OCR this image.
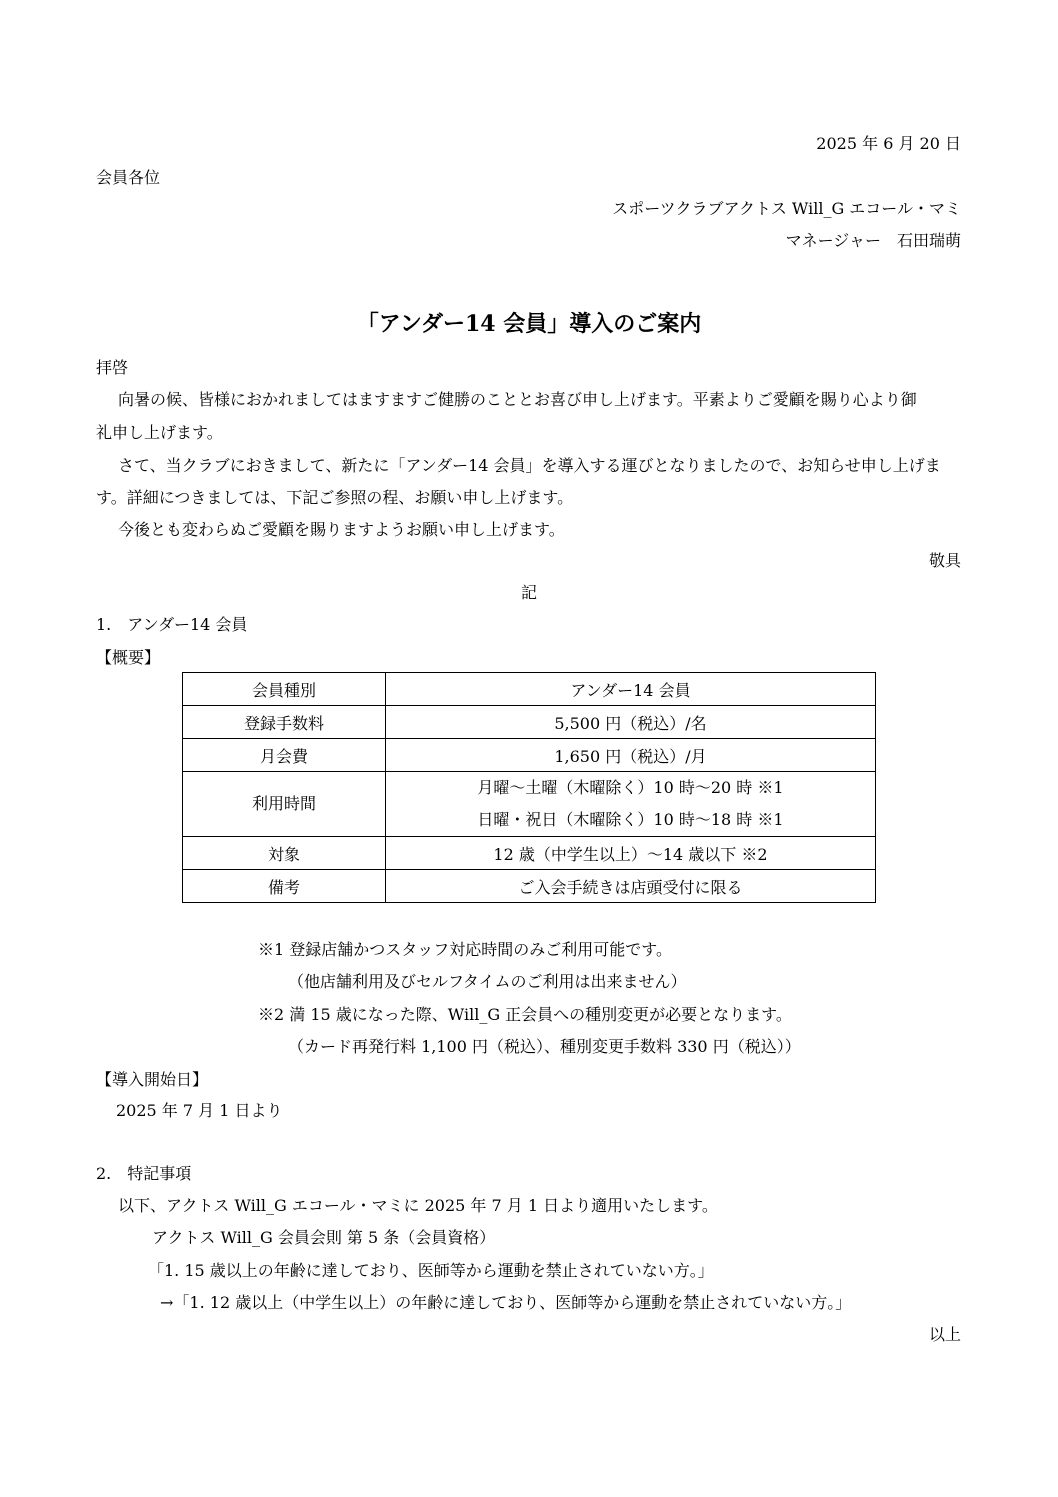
2025 年 6 月 20 日
会員各位
スポーツクラブアクトス Will_G エコール・マミ
マネージャー　石田瑞萌
「アンダー14 会員」導入のご案内
拝啓
向暑の候、皆様におかれましてはますますご健勝のこととお喜び申し上げます。平素よりご愛顧を賜り心より御
礼申し上げます。
さて、当クラブにおきまして、新たに「アンダー14 会員」を導入する運びとなりましたので、お知らせ申し上げま
す。詳細につきましては、下記ご参照の程、お願い申し上げます。
今後とも変わらぬご愛顧を賜りますようお願い申し上げます。
敬具
記
1.　アンダー14 会員
【概要】
会員種別	アンダー14 会員
登録手数料	5,500 円（税込）/名
月会費	1,650 円（税込）/月
利用時間	月曜～土曜（木曜除く）10 時～20 時 ※1
日曜・祝日（木曜除く）10 時～18 時 ※1

対象	12 歳（中学生以上）～14 歳以下 ※2
備考	ご入会手続きは店頭受付に限る
※1 登録店舗かつスタッフ対応時間のみご利用可能です。
（他店舗利用及びセルフタイムのご利用は出来ません）
※2 満 15 歳になった際、Will_G 正会員への種別変更が必要となります。
（カード再発行料 1,100 円（税込）、種別変更手数料 330 円（税込））
【導入開始日】
2025 年 7 月 1 日より
2.　特記事項
以下、アクトス Will_G エコール・マミに 2025 年 7 月 1 日より適用いたします。
アクトス Will_G 会員会則 第 5 条（会員資格）
「1. 15 歳以上の年齢に達しており、医師等から運動を禁止されていない方。」
→「1. 12 歳以上（中学生以上）の年齢に達しており、医師等から運動を禁止されていない方。」
以上
